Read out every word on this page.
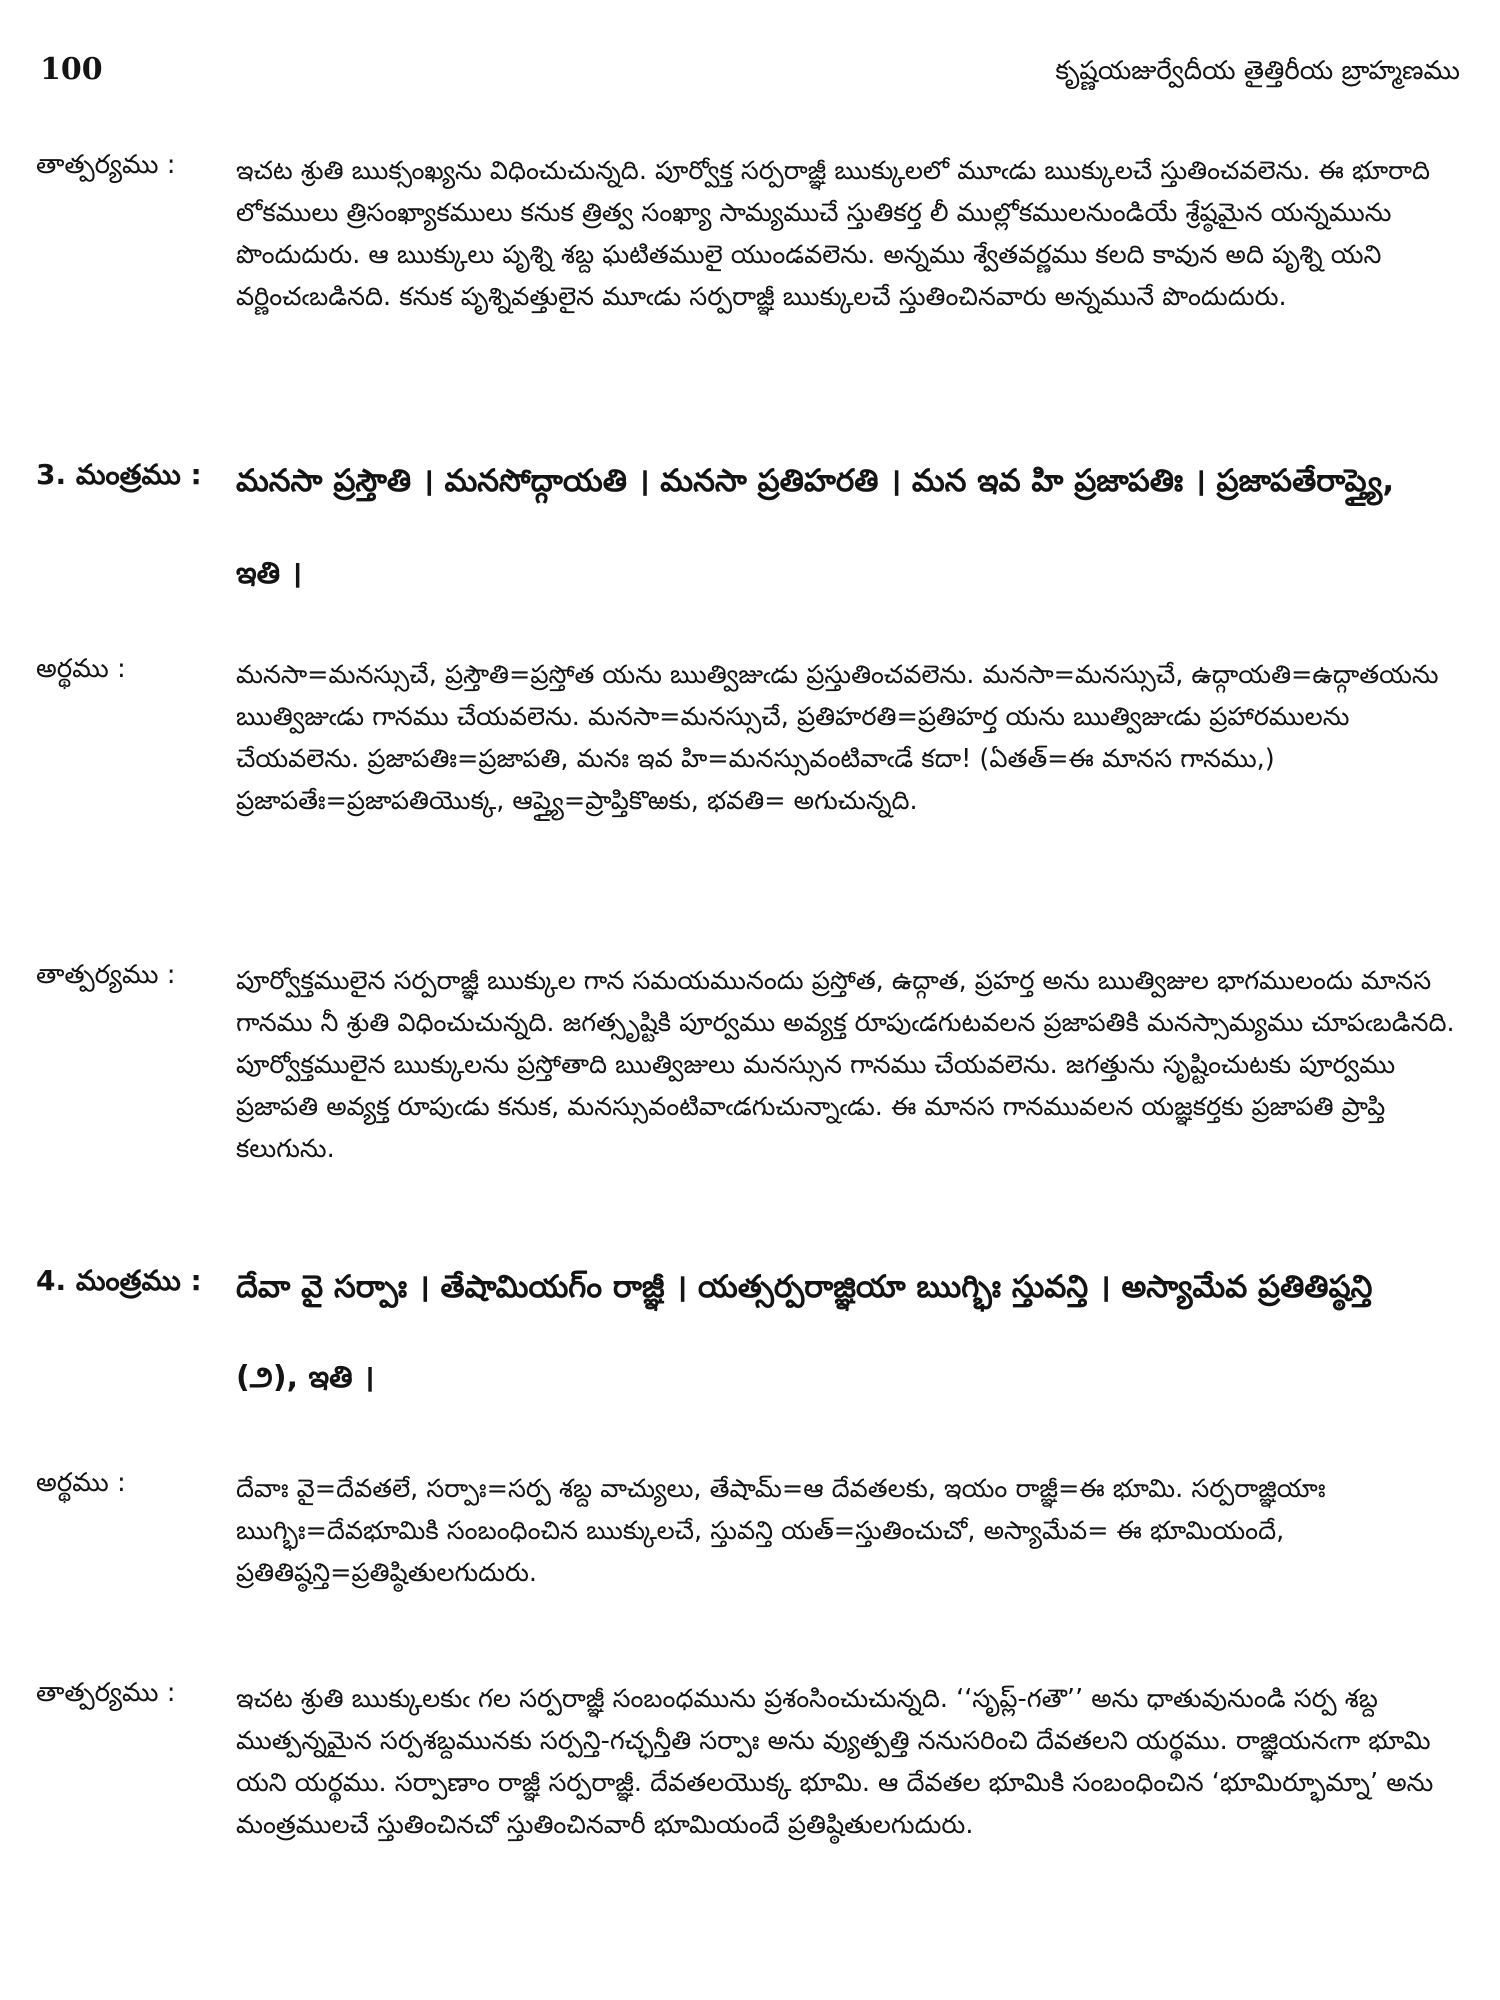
100	కృష్ణయజుర్వేదీయ తైత్తిరీయ బ్రాహ్మణము
తాత్పర్యము :	ఇచట శ్రుతి ఋక్సంఖ్యను విధించుచున్నది. పూర్వోక్త సర్పరాజ్ఞీ ఋక్కులలో మూఁడు ఋక్కులచే స్తుతించవలెను. ఈ భూరాది లోకములు త్రిసంఖ్యాకములు కనుక త్రిత్వ సంఖ్యా సామ్యముచే స్తుతికర్త లీ ముల్లోకములనుండియే శ్రేష్ఠమైన యన్నమును పొందుదురు. ఆ ఋక్కులు పృశ్ని శబ్ద ఘటితములై యుండవలెను. అన్నము శ్వేతవర్ణము కలది కావున అది పృశ్ని యని వర్ణించఁబడినది. కనుక పృశ్నివత్తులైన మూఁడు సర్పరాజ్ఞీ ఋక్కులచే స్తుతించినవారు అన్నమునే పొందుదురు.
3. మంత్రము : మనసా ప్రస్తౌతి । మనసోద్గాయతి । మనసా ప్రతిహరతి । మన ఇవ హి ప్రజాపతిః । ప్రజాపతేరాప్త్యై,
ఇతి ।
అర్థము :	మనసా=మనస్సుచే, ప్రస్తౌతి=ప్రస్తోత యను ఋత్విజుఁడు ప్రస్తుతించవలెను. మనసా=మనస్సుచే, ఉద్గాయతి=ఉద్గాతయను ఋత్విజుఁడు గానము చేయవలెను. మనసా=మనస్సుచే, ప్రతిహరతి=ప్రతిహర్త యను ఋత్విజుఁడు ప్రహారములను చేయవలెను. ప్రజాపతిః=ప్రజాపతి, మనః ఇవ హి=మనస్సువంటివాఁడే కదా! (ఏతత్=ఈ మానస గానము,) ప్రజాపతేః=ప్రజాపతియొక్క, ఆప్త్యై=ప్రాప్తికొఱకు, భవతి= అగుచున్నది.
తాత్పర్యము :	పూర్వోక్తములైన సర్పరాజ్ఞీ ఋక్కుల గాన సమయమునందు ప్రస్తోత, ఉద్గాత, ప్రహర్త అను ఋత్విజుల భాగములందు మానస గానము నీ శ్రుతి విధించుచున్నది. జగత్సృష్టికి పూర్వము అవ్యక్త రూపుఁడగుటవలన ప్రజాపతికి మనస్సామ్యము చూపఁబడినది. పూర్వోక్తములైన ఋక్కులను ప్రస్తోతాది ఋత్విజులు మనస్సున గానము చేయవలెను. జగత్తును సృష్టించుటకు పూర్వము ప్రజాపతి అవ్యక్త రూపుఁడు కనుక, మనస్సువంటివాఁడగుచున్నాఁడు. ఈ మానస గానమువలన యజ్ఞకర్తకు ప్రజాపతి ప్రాప్తి కలుగును.
4. మంత్రము : దేవా వై సర్పాః । తేషామియగ్ం రాజ్ఞీ । యత్సర్పరాజ్ఞియా ఋగ్భిః స్తువన్తి । అస్యామేవ ప్రతితిష్ఠన్తి
(౨), ఇతి ।
అర్థము :	దేవాః వై=దేవతలే, సర్పాః=సర్ప శబ్ద వాచ్యులు, తేషామ్=ఆ దేవతలకు, ఇయం రాజ్ఞీ=ఈ భూమి. సర్పరాజ్ఞియాః ఋగ్భిః=దేవభూమికి సంబంధించిన ఋక్కులచే, స్తువన్తి యత్=స్తుతించుచో, అస్యామేవ= ఈ భూమియందే, ప్రతితిష్ఠన్తి=ప్రతిష్ఠితులగుదురు.
తాత్పర్యము :	ఇచట శ్రుతి ఋక్కులకుఁ గల సర్పరాజ్ఞీ సంబంధమును ప్రశంసించుచున్నది. ‘‘సృప్ల్-గతౌ’’ అను ధాతువునుండి సర్ప శబ్ద ముత్పన్నమైన సర్పశబ్దమునకు సర్పన్తి-గచ్ఛన్తీతి సర్పాః అను వ్యుత్పత్తి ననుసరించి దేవతలని యర్థము. రాజ్ఞియనఁగా భూమి యని యర్థము. సర్పాణాం రాజ్ఞీ సర్పరాజ్ఞీ. దేవతలయొక్క భూమి. ఆ దేవతల భూమికి సంబంధించిన ‘భూమిర్భూమ్నా’ అను మంత్రములచే స్తుతించినచో స్తుతించినవారీ భూమియందే ప్రతిష్ఠితులగుదురు.
